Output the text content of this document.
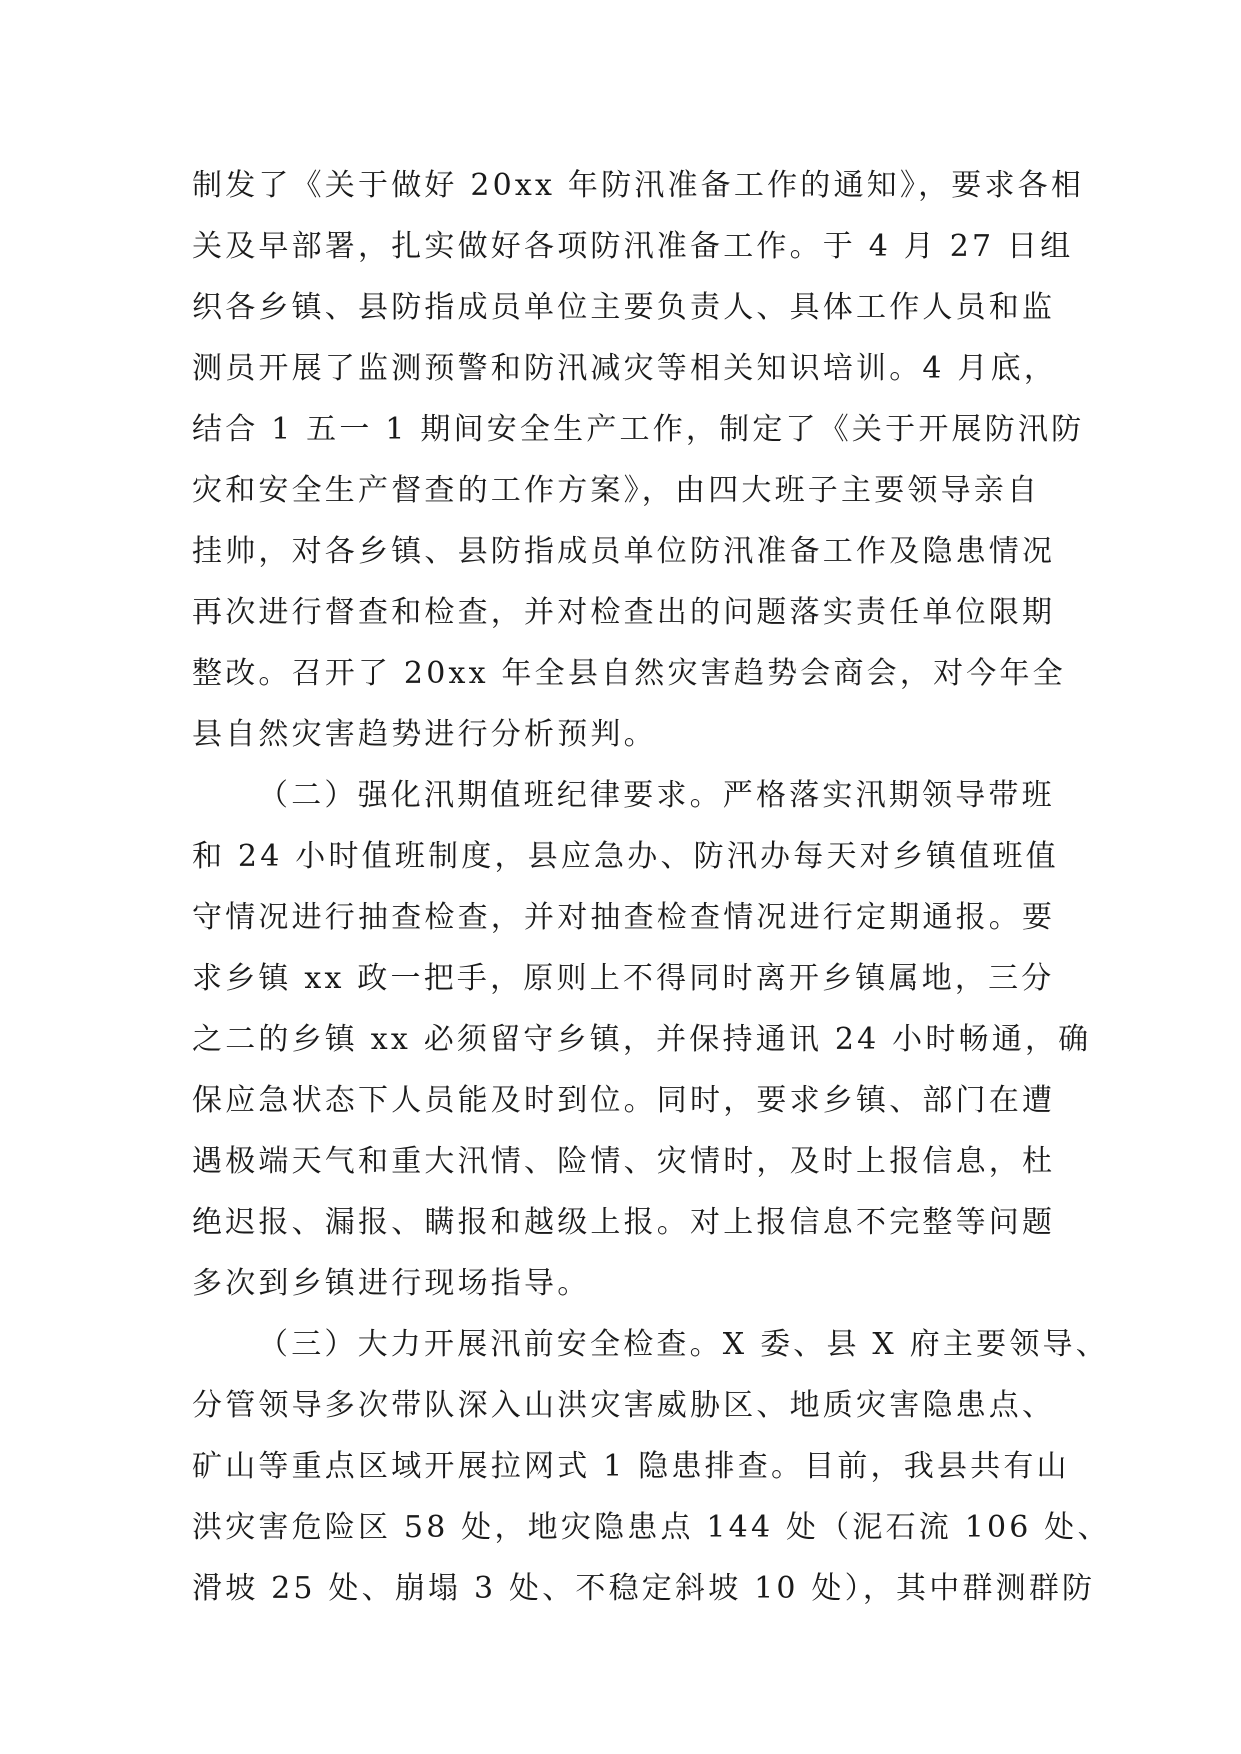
制发了《关于做好 20xx 年防汛准备工作的通知》，要求各相
关及早部署，扎实做好各项防汛准备工作。于 4 月 27 日组
织各乡镇、县防指成员单位主要负责人、具体工作人员和监
测员开展了监测预警和防汛减灾等相关知识培训。4 月底，
结合 1 五一 1 期间安全生产工作，制定了《关于开展防汛防
灾和安全生产督查的工作方案》，由四大班子主要领导亲自
挂帅，对各乡镇、县防指成员单位防汛准备工作及隐患情况
再次进行督查和检查，并对检查出的问题落实责任单位限期
整改。召开了 20xx 年全县自然灾害趋势会商会，对今年全
县自然灾害趋势进行分析预判。
（二）强化汛期值班纪律要求。严格落实汛期领导带班
和 24 小时值班制度，县应急办、防汛办每天对乡镇值班值
守情况进行抽查检查，并对抽查检查情况进行定期通报。要
求乡镇 xx 政一把手，原则上不得同时离开乡镇属地，三分
之二的乡镇 xx 必须留守乡镇，并保持通讯 24 小时畅通，确
保应急状态下人员能及时到位。同时，要求乡镇、部门在遭
遇极端天气和重大汛情、险情、灾情时，及时上报信息，杜
绝迟报、漏报、瞒报和越级上报。对上报信息不完整等问题
多次到乡镇进行现场指导。
（三）大力开展汛前安全检查。X 委、县 X 府主要领导、
分管领导多次带队深入山洪灾害威胁区、地质灾害隐患点、
矿山等重点区域开展拉网式 1 隐患排查。目前，我县共有山
洪灾害危险区 58 处，地灾隐患点 144 处（泥石流 106 处、
滑坡 25 处、崩塌 3 处、不稳定斜坡 10 处），其中群测群防
